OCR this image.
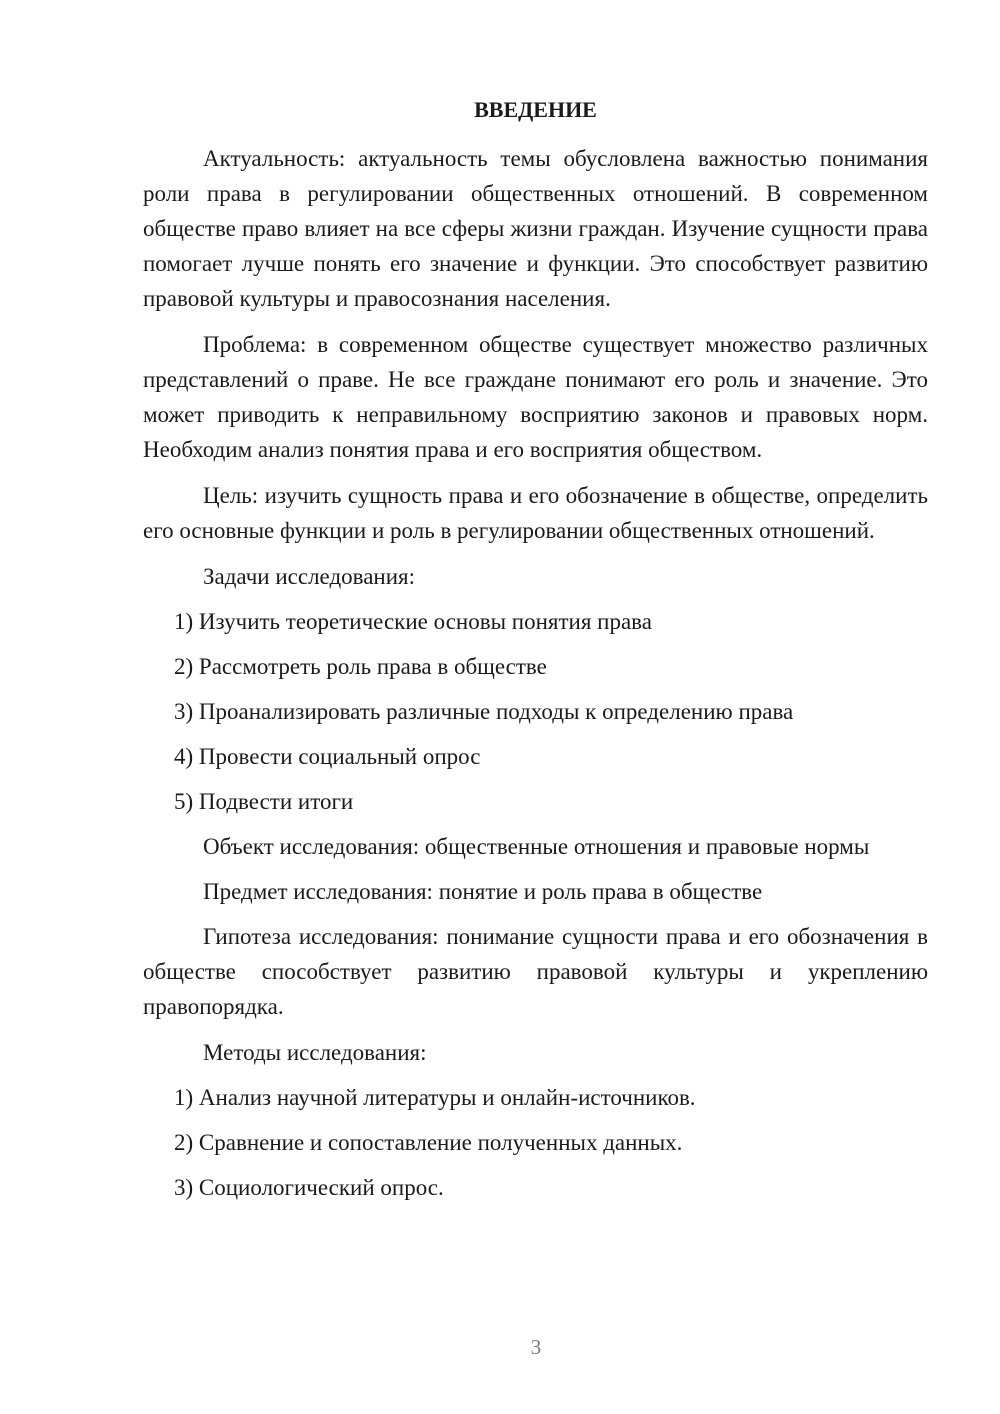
ВВЕДЕНИЕ

Актуальность: актуальность темы обусловлена важностью понимания роли права в регулировании общественных отношений. В современном обществе право влияет на все сферы жизни граждан. Изучение сущности права помогает лучше понять его значение и функции. Это способствует развитию правовой культуры и правосознания населения.

Проблема: в современном обществе существует множество различных представлений о праве. Не все граждане понимают его роль и значение. Это может приводить к неправильному восприятию законов и правовых норм. Необходим анализ понятия права и его восприятия обществом.

Цель: изучить сущность права и его обозначение в обществе, определить его основные функции и роль в регулировании общественных отношений.

Задачи исследования:
1) Изучить теоретические основы понятия права
2) Рассмотреть роль права в обществе
3) Проанализировать различные подходы к определению права
4) Провести социальный опрос
5) Подвести итоги
Объект исследования: общественные отношения и правовые нормы
Предмет исследования: понятие и роль права в обществе

Гипотеза исследования: понимание сущности права и его обозначения в обществе способствует развитию правовой культуры и укреплению правопорядка.

Методы исследования:
1) Анализ научной литературы и онлайн-источников.
2) Сравнение и сопоставление полученных данных.
3) Социологический опрос.
3
